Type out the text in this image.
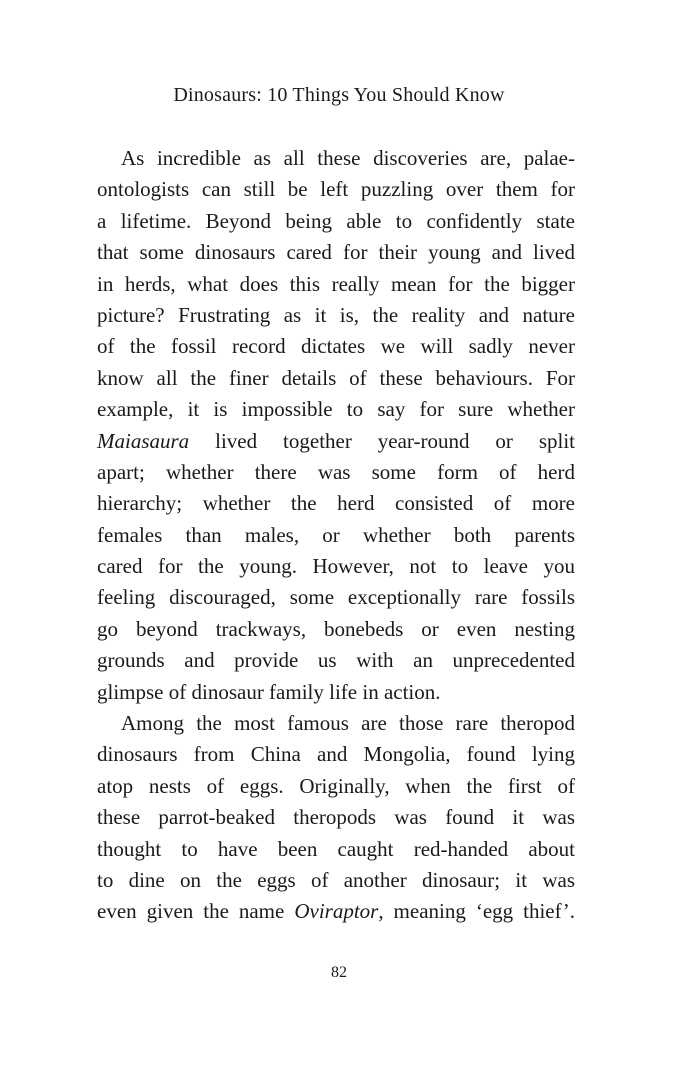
Dinosaurs: 10 Things You Should Know
As incredible as all these discoveries are, palae-
ontologists can still be left puzzling over them for
a lifetime. Beyond being able to confidently state
that some dinosaurs cared for their young and lived
in herds, what does this really mean for the bigger
picture? Frustrating as it is, the reality and nature
of the fossil record dictates we will sadly never
know all the finer details of these behaviours. For
example, it is impossible to say for sure whether
Maiasaura lived together year-round or split
apart; whether there was some form of herd
hierarchy; whether the herd consisted of more
females than males, or whether both parents
cared for the young. However, not to leave you
feeling discouraged, some exceptionally rare fossils
go beyond trackways, bonebeds or even nesting
grounds and provide us with an unprecedented
glimpse of dinosaur family life in action.
Among the most famous are those rare theropod
dinosaurs from China and Mongolia, found lying
atop nests of eggs. Originally, when the first of
these parrot-beaked theropods was found it was
thought to have been caught red-handed about
to dine on the eggs of another dinosaur; it was
even given the name Oviraptor, meaning ‘egg thief’.
82
